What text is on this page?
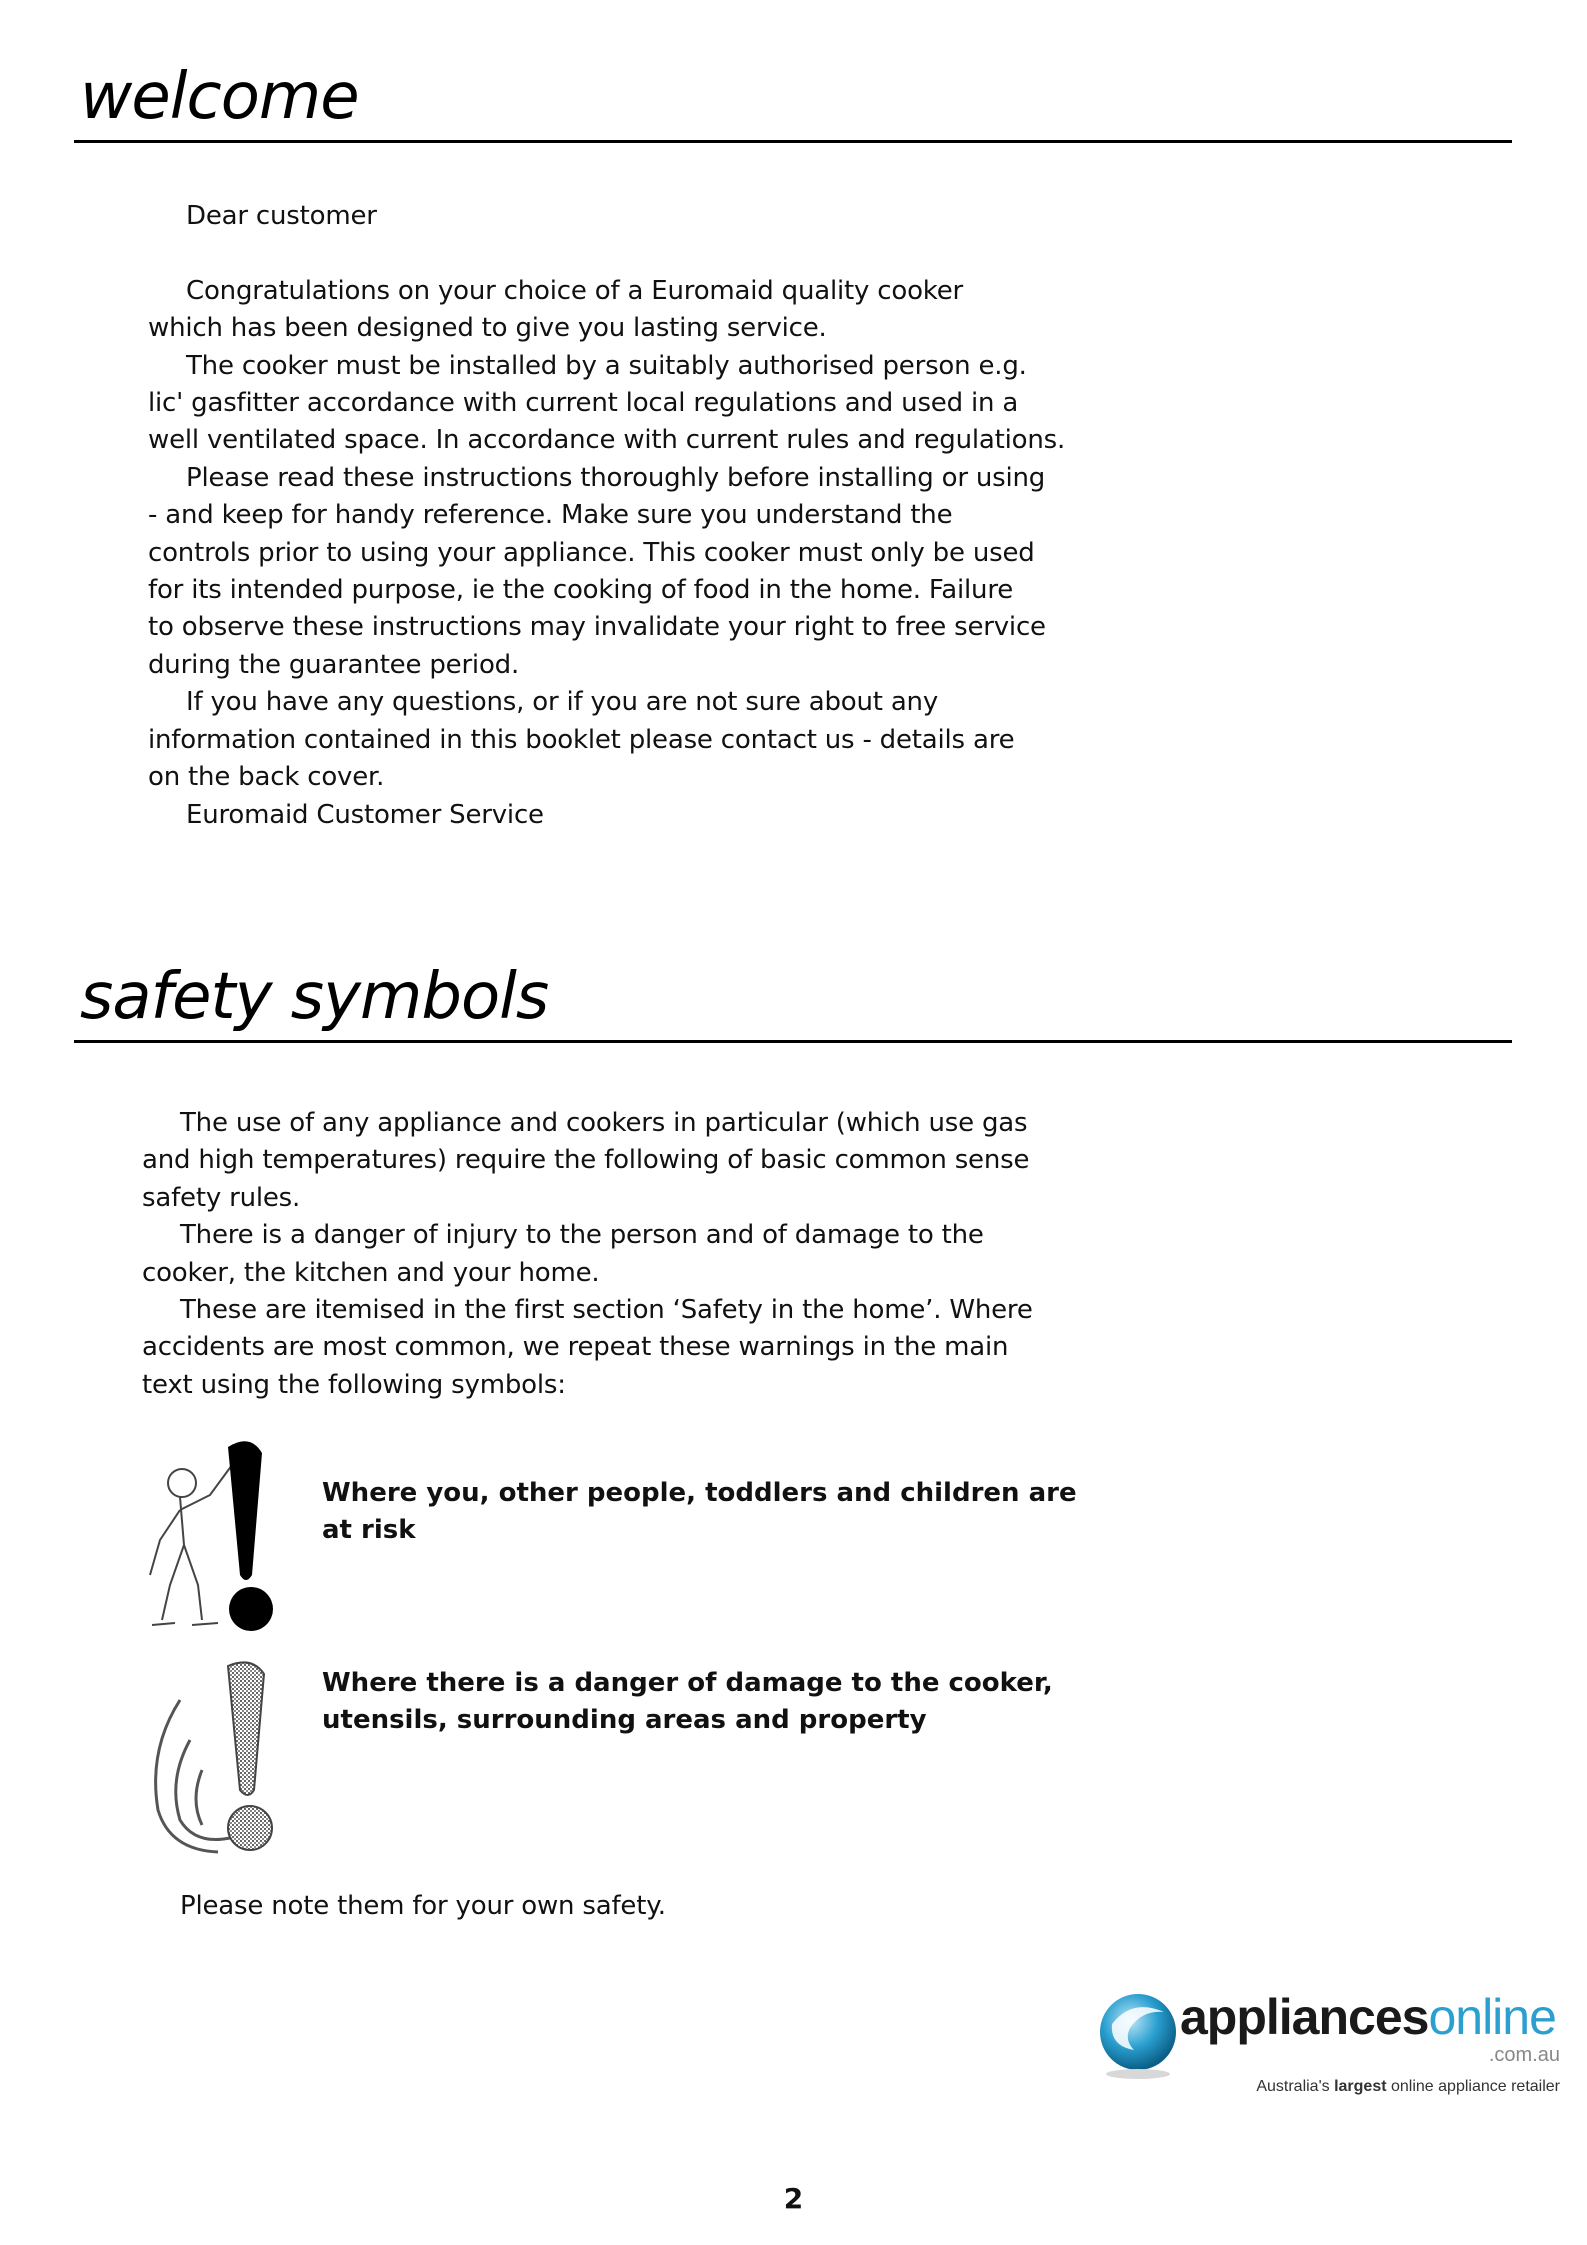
welcome

Dear customer

Congratulations on your choice of a Euromaid quality cooker
which has been designed to give you lasting service.

The cooker must be installed by a suitably authorised person e.g.
lic' gasfitter accordance with current local regulations and used in a
well ventilated space. In accordance with current rules and regulations.

Please read these instructions thoroughly before installing or using
- and keep for handy reference. Make sure you understand the
controls prior to using your appliance. This cooker must only be used
for its intended purpose, ie the cooking of food in the home. Failure
to observe these instructions may invalidate your right to free service
during the guarantee period.

If you have any questions, or if you are not sure about any
information contained in this booklet please contact us - details are
on the back cover.

Euromaid Customer Service

safety symbols

The use of any appliance and cookers in particular (which use gas
and high temperatures) require the following of basic common sense
safety rules.

There is a danger of injury to the person and of damage to the
cooker, the kitchen and your home.

These are itemised in the first section ‘Safety in the home’. Where
accidents are most common, we repeat these warnings in the main
text using the following symbols:

Where you, other people, toddlers and children are
at risk
Where there is a danger of damage to the cooker,
utensils, surrounding areas and property
Please note them for your own safety.
appliancesonline
.com.au
Australia's largest online appliance retailer
2
